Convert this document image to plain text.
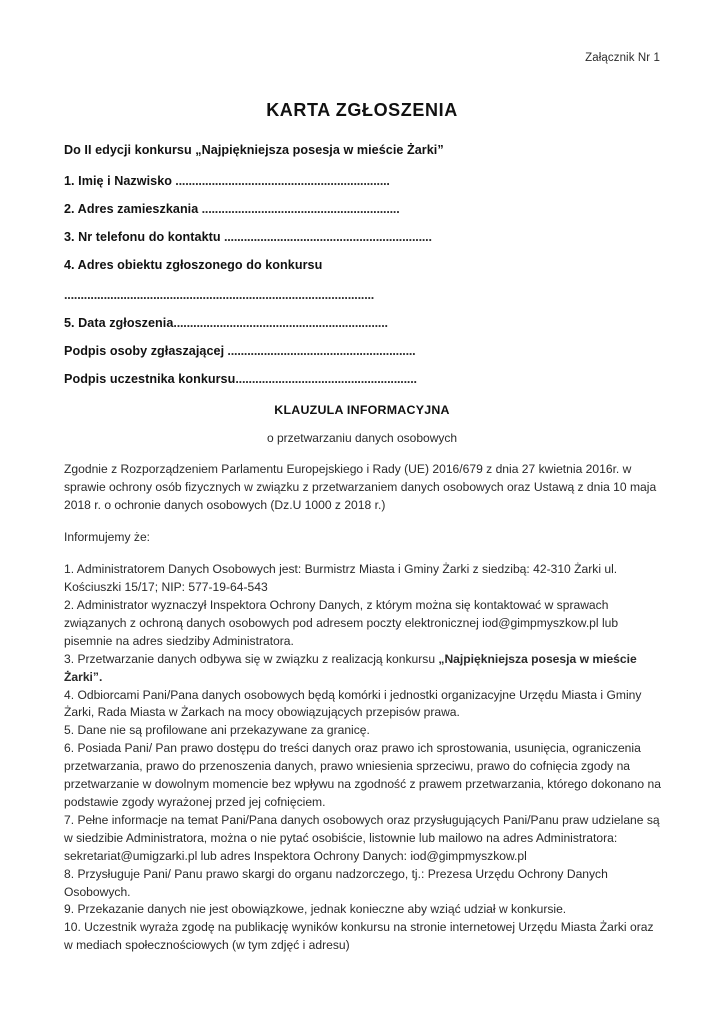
Załącznik Nr 1
KARTA ZGŁOSZENIA

Do II edycji konkursu „Najpiękniejsza posesja w mieście Żarki”

1. Imię i Nazwisko .................................................................

2. Adres zamieszkania ............................................................

3. Nr telefonu do kontaktu ...............................................................

4. Adres obiektu zgłoszonego do konkursu

..............................................................................................

5. Data zgłoszenia.................................................................

Podpis osoby zgłaszającej .........................................................

Podpis uczestnika konkursu.......................................................

KLAUZULA INFORMACYJNA
o przetwarzaniu danych osobowych

Zgodnie z Rozporządzeniem Parlamentu Europejskiego i Rady (UE) 2016/679 z dnia 27 kwietnia 2016r. w sprawie ochrony osób fizycznych w związku z przetwarzaniem danych osobowych oraz Ustawą z dnia 10 maja 2018 r. o ochronie danych osobowych (Dz.U 1000 z 2018 r.)

Informujemy że:

1. Administratorem Danych Osobowych jest: Burmistrz Miasta i Gminy Żarki z siedzibą: 42-310 Żarki ul. Kościuszki 15/17; NIP: 577-19-64-543

2. Administrator wyznaczył Inspektora Ochrony Danych, z którym można się kontaktować w sprawach związanych z ochroną danych osobowych pod adresem poczty elektronicznej iod@gimpmyszkow.pl lub pisemnie na adres siedziby Administratora.

3. Przetwarzanie danych odbywa się w związku z realizacją konkursu „Najpiękniejsza posesja w mieście Żarki”.

4. Odbiorcami Pani/Pana danych osobowych będą komórki i jednostki organizacyjne Urzędu Miasta i Gminy Żarki, Rada Miasta w Żarkach na mocy obowiązujących przepisów prawa.

5. Dane nie są profilowane ani przekazywane za granicę.

6. Posiada Pani/ Pan prawo dostępu do treści danych oraz prawo ich sprostowania, usunięcia, ograniczenia przetwarzania, prawo do przenoszenia danych, prawo wniesienia sprzeciwu, prawo do cofnięcia zgody na przetwarzanie w dowolnym momencie bez wpływu na zgodność z prawem przetwarzania, którego dokonano na podstawie zgody wyrażonej przed jej cofnięciem.

7. Pełne informacje na temat Pani/Pana danych osobowych oraz przysługujących Pani/Panu praw udzielane są w siedzibie Administratora, można o nie pytać osobiście, listownie lub mailowo na adres Administratora: sekretariat@umigzarki.pl lub adres Inspektora Ochrony Danych: iod@gimpmyszkow.pl

8. Przysługuje Pani/ Panu prawo skargi do organu nadzorczego, tj.: Prezesa Urzędu Ochrony Danych Osobowych.

9. Przekazanie danych nie jest obowiązkowe, jednak konieczne aby wziąć udział w konkursie.

10. Uczestnik wyraża zgodę na publikację wyników konkursu na stronie internetowej Urzędu Miasta Żarki oraz w mediach społecznościowych (w tym zdjęć i adresu)
